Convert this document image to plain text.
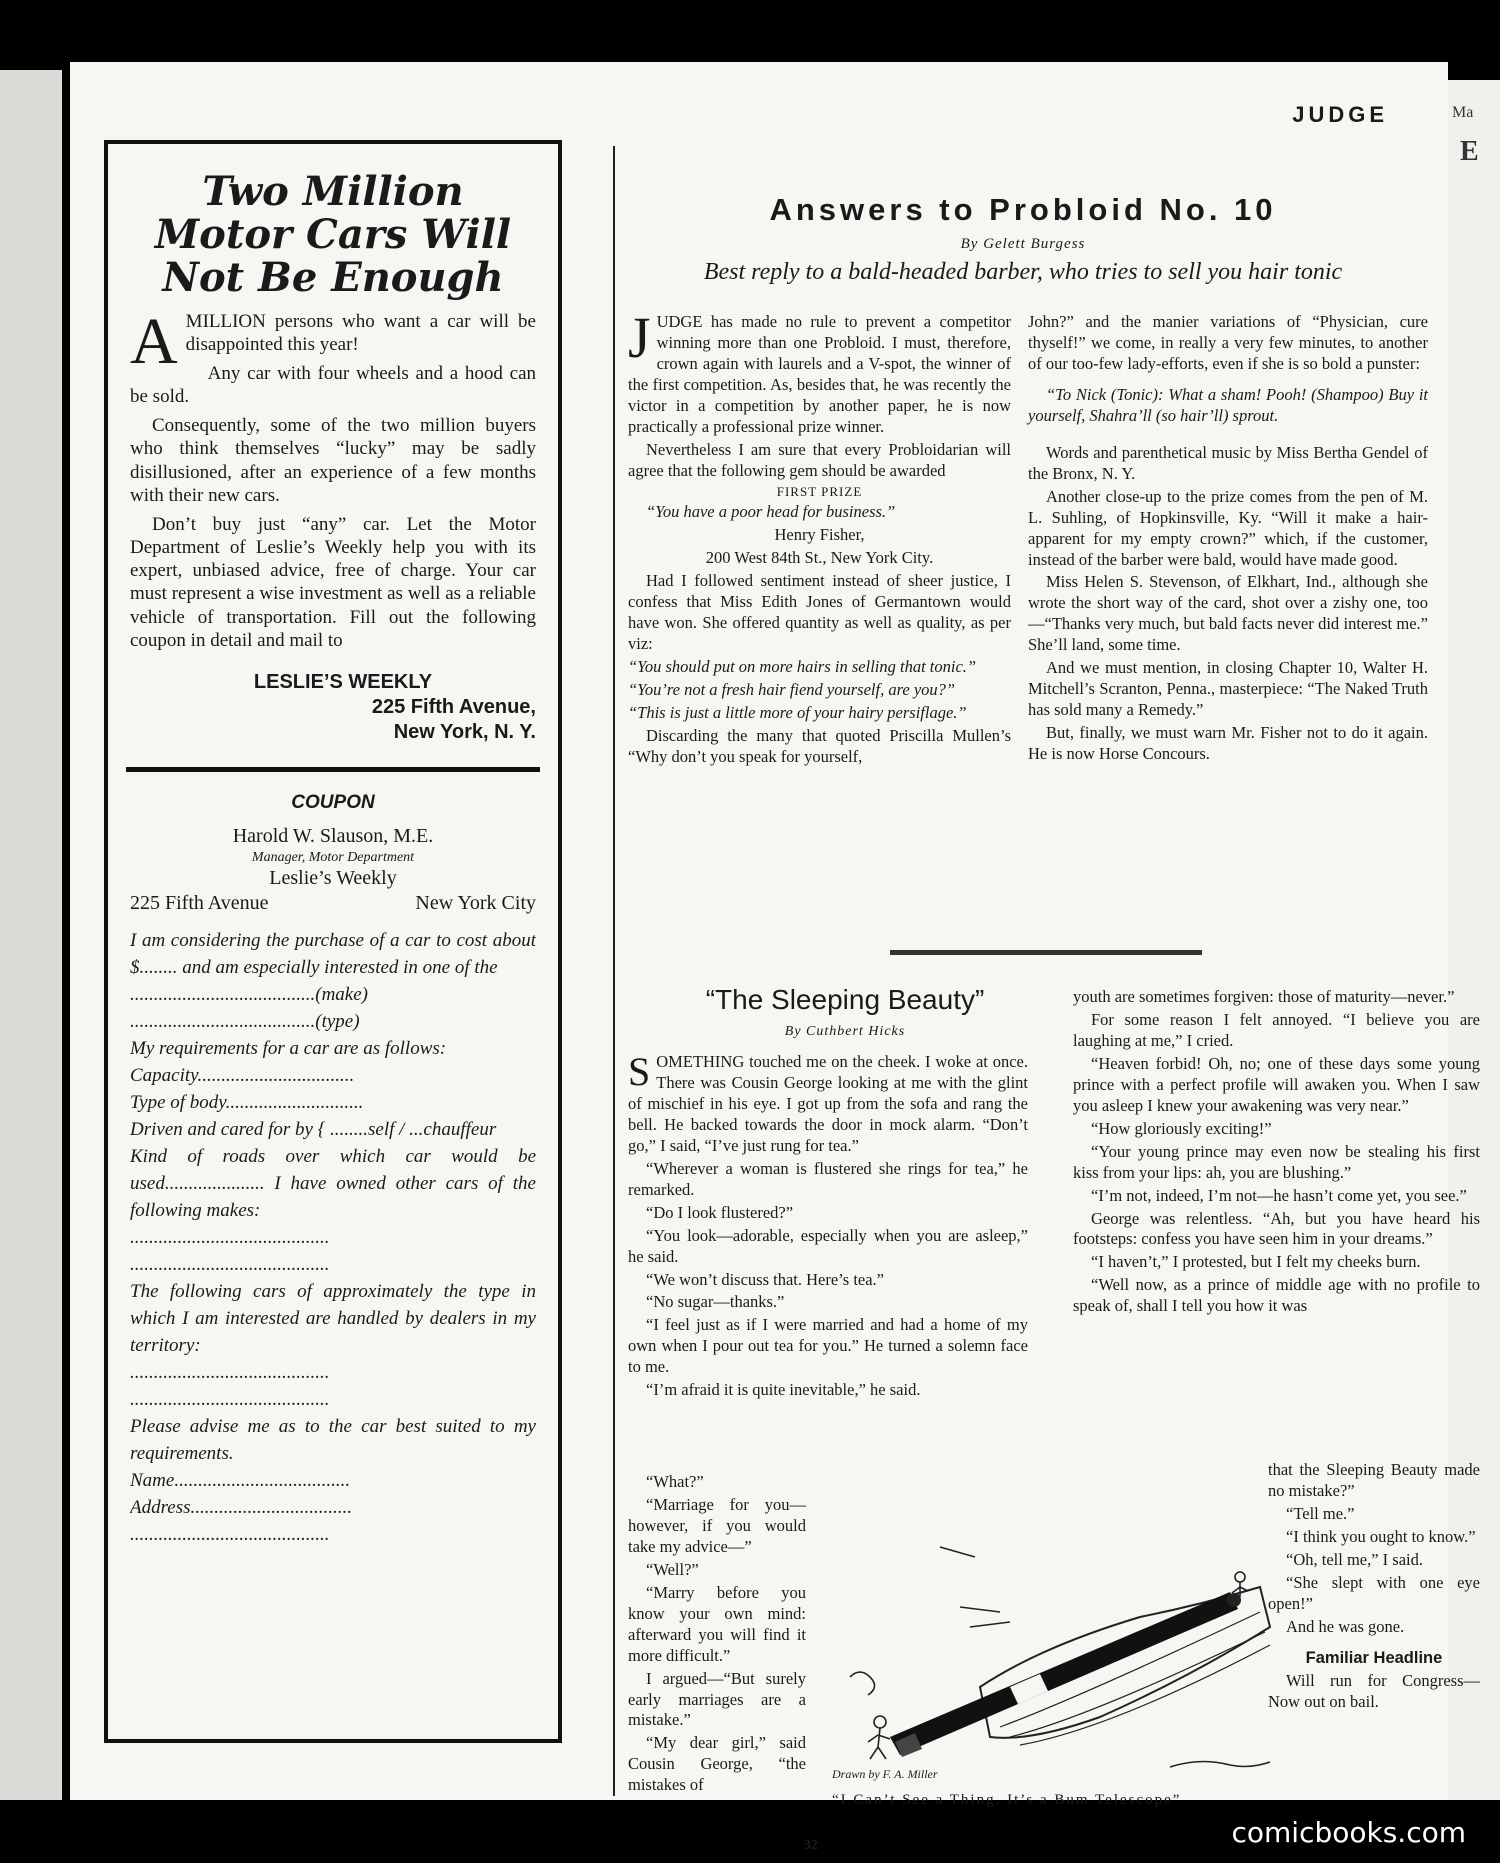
Ma
E
JUDGE
Two Million
Motor Cars Will
Not Be Enough

AMILLION persons who want a car will be disappointed this year!

Any car with four wheels and a hood can be sold.

Consequently, some of the two million buyers who think themselves “lucky” may be sadly disillusioned, after an experience of a few months with their new cars.

Don’t buy just “any” car. Let the Motor Department of Leslie’s Weekly help you with its expert, unbiased advice, free of charge. Your car must represent a wise investment as well as a reliable vehicle of transportation. Fill out the following coupon in detail and mail to

LESLIE’S WEEKLY
225 Fifth Avenue,
New York, N. Y.
COUPON
Harold W. Slauson, M.E.
Manager, Motor Department
Leslie’s Weekly
225 Fifth Avenue	New York City
I am considering the purchase of a car to cost about $........ and am especially interested in one of the
.......................................(make)
.......................................(type)
My requirements for a car are as follows:
Capacity.................................
Type of body.............................
Driven and cared for by { ........self / ...chauffeur
Kind of roads over which car would be used..................... I have owned other cars of the following makes:
..........................................
..........................................
The following cars of approximately the type in which I am interested are handled by dealers in my territory:
..........................................
..........................................
Please advise me as to the car best suited to my requirements.
Name.....................................
Address..................................
..........................................
Answers to Probloid No. 10
By Gelett Burgess
Best reply to a bald-headed barber, who tries to sell you hair tonic

JUDGE has made no rule to prevent a competitor winning more than one Probloid. I must, therefore, crown again with laurels and a V-spot, the winner of the first competition. As, besides that, he was recently the victor in a competition by another paper, he is now practically a professional prize winner.

Nevertheless I am sure that every Probloidarian will agree that the following gem should be awarded

FIRST PRIZE

“You have a poor head for business.”

Henry Fisher,

200 West 84th St., New York City.

Had I followed sentiment instead of sheer justice, I confess that Miss Edith Jones of Germantown would have won. She offered quantity as well as quality, as per viz:

“You should put on more hairs in selling that tonic.”

“You’re not a fresh hair fiend yourself, are you?”

“This is just a little more of your hairy persiflage.”

Discarding the many that quoted Priscilla Mullen’s “Why don’t you speak for yourself,

John?” and the manier variations of “Physician, cure thyself!” we come, in really a very few minutes, to another of our too-few lady-efforts, even if she is so bold a punster:

“To Nick (Tonic): What a sham! Pooh! (Shampoo) Buy it yourself, Shahra’ll (so hair’ll) sprout.

Words and parenthetical music by Miss Bertha Gendel of the Bronx, N. Y.

Another close-up to the prize comes from the pen of M. L. Suhling, of Hopkinsville, Ky. “Will it make a hair-apparent for my empty crown?” which, if the customer, instead of the barber were bald, would have made good.

Miss Helen S. Stevenson, of Elkhart, Ind., although she wrote the short way of the card, shot over a zishy one, too—“Thanks very much, but bald facts never did interest me.” She’ll land, some time.

And we must mention, in closing Chapter 10, Walter H. Mitchell’s Scranton, Penna., masterpiece: “The Naked Truth has sold many a Remedy.”

But, finally, we must warn Mr. Fisher not to do it again. He is now Horse Concours.

“The Sleeping Beauty”
By Cuthbert Hicks

SOMETHING touched me on the cheek. I woke at once. There was Cousin George looking at me with the glint of mischief in his eye. I got up from the sofa and rang the bell. He backed towards the door in mock alarm. “Don’t go,” I said, “I’ve just rung for tea.”

“Wherever a woman is flustered she rings for tea,” he remarked.

“Do I look flustered?”

“You look—adorable, especially when you are asleep,” he said.

“We won’t discuss that. Here’s tea.”

“No sugar—thanks.”

“I feel just as if I were married and had a home of my own when I pour out tea for you.” He turned a solemn face to me.

“I’m afraid it is quite inevitable,” he said.

“What?”

“Marriage for you—however, if you would take my advice—”

“Well?”

“Marry before you know your own mind: afterward you will find it more difficult.”

I argued—“But surely early marriages are a mistake.”

“My dear girl,” said Cousin George, “the mistakes of

youth are sometimes forgiven: those of maturity—never.”

For some reason I felt annoyed. “I believe you are laughing at me,” I cried.

“Heaven forbid! Oh, no; one of these days some young prince with a perfect profile will awaken you. When I saw you asleep I knew your awakening was very near.”

“How gloriously exciting!”

“Your young prince may even now be stealing his first kiss from your lips: ah, you are blushing.”

“I’m not, indeed, I’m not—he hasn’t come yet, you see.”

George was relentless. “Ah, but you have heard his footsteps: confess you have seen him in your dreams.”

“I haven’t,” I protested, but I felt my cheeks burn.

“Well now, as a prince of middle age with no profile to speak of, shall I tell you how it was

that the Sleeping Beauty made no mistake?”

“Tell me.”

“I think you ought to know.”

“Oh, tell me,” I said.

“She slept with one eye open!”

And he was gone.

Familiar Headline

Will run for Congress— Now out on bail.

Drawn by F. A. Miller
“I Can’t See a Thing. It’s a Bum Telescope”
32	comicbooks.com
